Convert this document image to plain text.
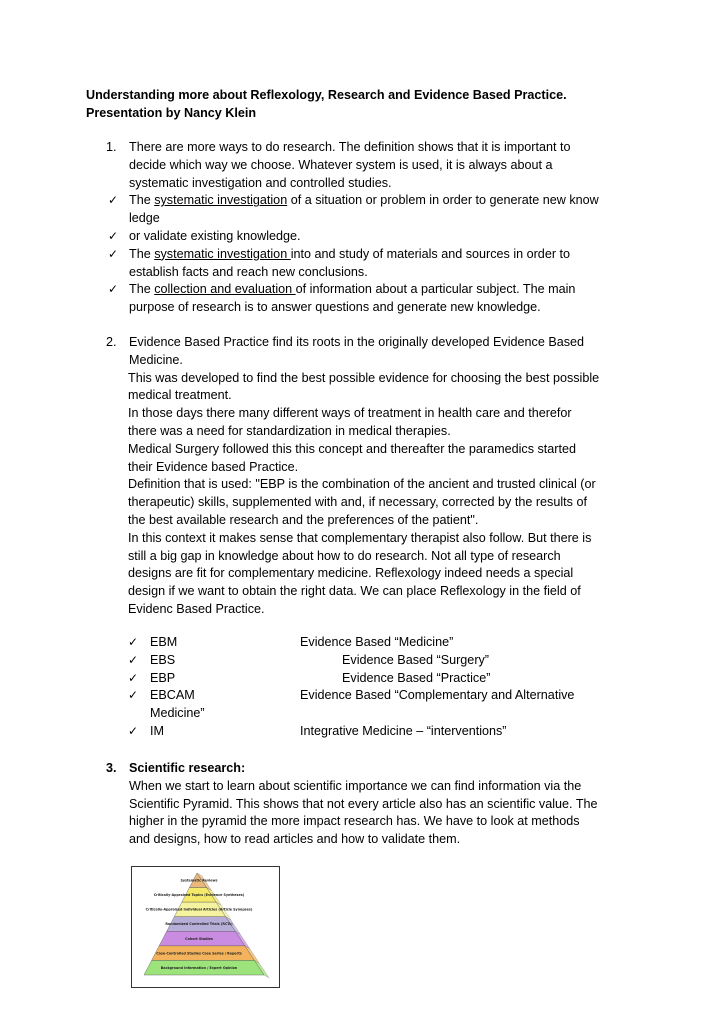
Understanding more about Reflexology, Research and Evidence Based Practice.
Presentation by Nancy Klein
1. There are more ways to do research. The definition shows that it is important to
decide which way we choose. Whatever system is used, it is always about a
systematic investigation and controlled studies.
✓ The systematic investigation of a situation or problem in order to generate new know
ledge
✓ or validate existing knowledge.
✓ The systematic investigation into and study of materials and sources in order to
establish facts and reach new conclusions.
✓ The collection and evaluation of information about a particular subject. The main
purpose of research is to answer questions and generate new knowledge.
2. Evidence Based Practice find its roots in the originally developed Evidence Based
Medicine.
This was developed to find the best possible evidence for choosing the best possible
medical treatment.
In those days there many different ways of treatment in health care and therefor
there was a need for standardization in medical therapies.
Medical Surgery followed this this concept and thereafter the paramedics started
their Evidence based Practice.
Definition that is used: "EBP is the combination of the ancient and trusted clinical (or
therapeutic) skills, supplemented with and, if necessary, corrected by the results of
the best available research and the preferences of the patient".
In this context it makes sense that complementary therapist also follow. But there is
still a big gap in knowledge about how to do research. Not all type of research
designs are fit for complementary medicine. Reflexology indeed needs a special
design if we want to obtain the right data. We can place Reflexology in the field of
Evidenc Based Practice.
✓ EBM	Evidence Based “Medicine”
✓ EBS	Evidence Based “Surgery”
✓ EBP	Evidence Based “Practice”
✓ EBCAM	Evidence Based “Complementary and Alternative
Medicine”
✓ IM	Integrative Medicine – “interventions”
3. Scientific research:
When we start to learn about scientific importance we can find information via the
Scientific Pyramid. This shows that not every article also has an scientific value. The
higher in the pyramid the more impact research has. We have to look at methods
and designs, how to read articles and how to validate them.
Systematic Reviews
Critically-Appraised Topics (Evidence Syntheses)
Critically-Appraised Individual Articles (Article Synopses)
Randomized Controlled Trials (RCTs)
Cohort Studies
Case-Controlled Studies Case Series / Reports
Background Information / Expert Opinion
